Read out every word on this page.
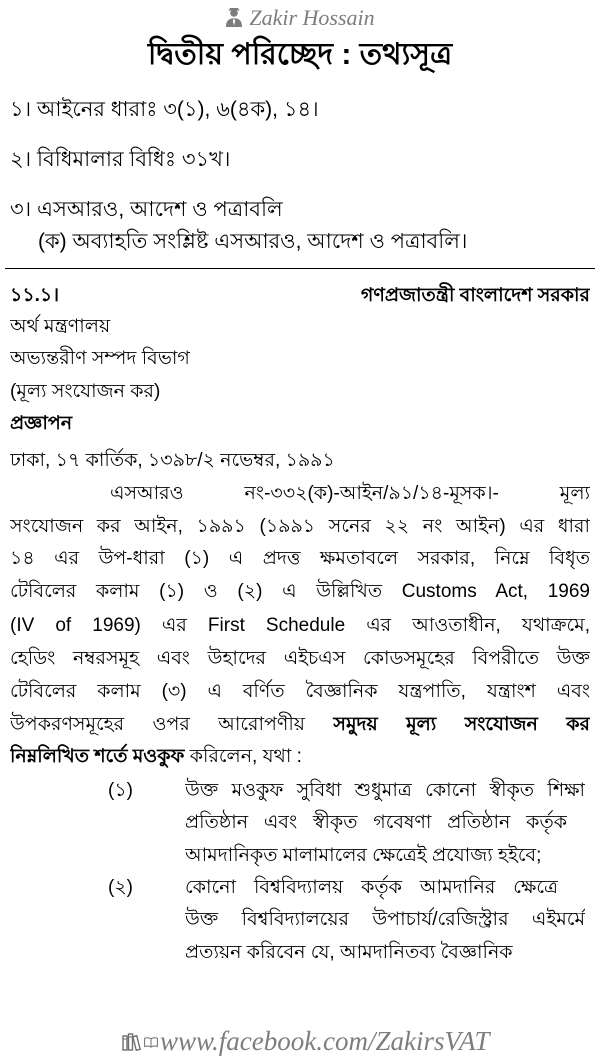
Zakir Hossain
দ্বিতীয় পরিচ্ছেদ : তথ্যসূত্র
১। আইনের ধারাঃ ৩(১), ৬(৪ক), ১৪।
২। বিধিমালার বিধিঃ ৩১খ।
৩। এসআরও, আদেশ ও পত্রাবলি
(ক) অব্যাহতি সংশ্লিষ্ট এসআরও, আদেশ ও পত্রাবলি।
১১.১।	গণপ্রজাতন্ত্রী বাংলাদেশ সরকার
অর্থ মন্ত্রণালয়
অভ্যন্তরীণ সম্পদ বিভাগ
(মূল্য সংযোজন কর)
প্রজ্ঞাপন
ঢাকা, ১৭ কার্তিক, ১৩৯৮/২ নভেম্বর, ১৯৯১
এসআরও নং-৩৩২(ক)-আইন/৯১/১৪-মূসক।- মূল্য
সংযোজন কর আইন, ১৯৯১ (১৯৯১ সনের ২২ নং আইন) এর ধারা
১৪ এর উপ-ধারা (১) এ প্রদত্ত ক্ষমতাবলে সরকার, নিম্নে বিধৃত
টেবিলের কলাম (১) ও (২) এ উল্লিখিত Customs Act, 1969
(IV of 1969) এর First Schedule এর আওতাধীন, যথাক্রমে,
হেডিং নম্বরসমূহ এবং উহাদের এইচএস কোডসমূহের বিপরীতে উক্ত
টেবিলের কলাম (৩) এ বর্ণিত বৈজ্ঞানিক যন্ত্রপাতি, যন্ত্রাংশ এবং
উপকরণসমূহের ওপর আরোপণীয় সমুদয় মূল্য সংযোজন কর
নিম্নলিখিত শর্তে মওকুফ করিলেন, যথা :
(১)	উক্ত মওকুফ সুবিধা শুধুমাত্র কোনো স্বীকৃত শিক্ষা
প্রতিষ্ঠান এবং স্বীকৃত গবেষণা প্রতিষ্ঠান কর্তৃক
আমদানিকৃত মালামালের ক্ষেত্রেই প্রযোজ্য হইবে;
(২)	কোনো বিশ্ববিদ্যালয় কর্তৃক আমদানির ক্ষেত্রে
উক্ত বিশ্ববিদ্যালয়ের উপাচার্য/রেজিস্ট্রার এইমর্মে
প্রত্যয়ন করিবেন যে, আমদানিতব্য বৈজ্ঞানিক
www.facebook.com/ZakirsVAT
